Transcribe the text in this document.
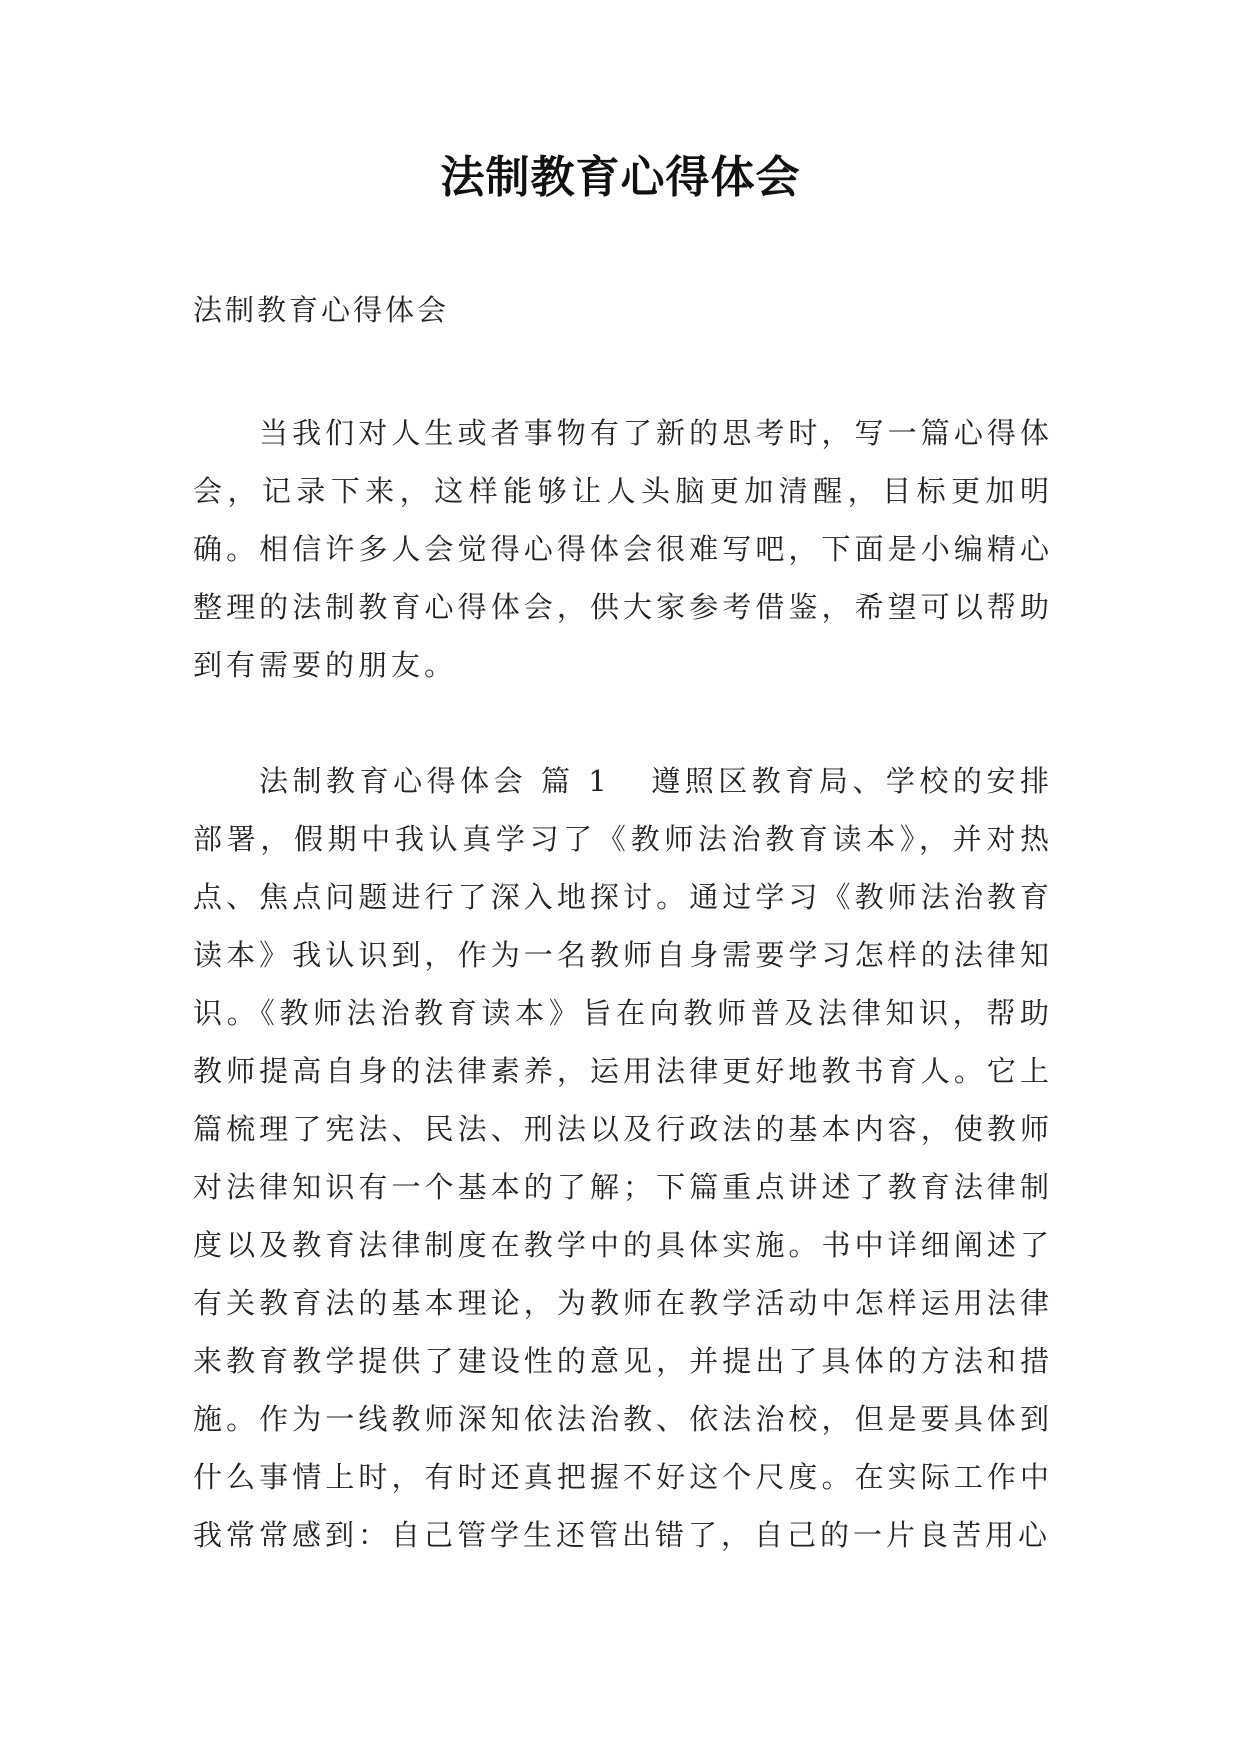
法制教育心得体会
法制教育心得体会

当我们对人生或者事物有了新的思考时，写一篇心得体会，记录下来，这样能够让人头脑更加清醒，目标更加明确。相信许多人会觉得心得体会很难写吧，下面是小编精心整理的法制教育心得体会，供大家参考借鉴，希望可以帮助到有需要的朋友。

法制教育心得体会 篇 1 遵照区教育局、学校的安排部署，假期中我认真学习了《教师法治教育读本》，并对热点、焦点问题进行了深入地探讨。通过学习《教师法治教育读本》我认识到，作为一名教师自身需要学习怎样的法律知识。《教师法治教育读本》旨在向教师普及法律知识，帮助教师提高自身的法律素养，运用法律更好地教书育人。它上篇梳理了宪法、民法、刑法以及行政法的基本内容，使教师对法律知识有一个基本的了解；下篇重点讲述了教育法律制度以及教育法律制度在教学中的具体实施。书中详细阐述了有关教育法的基本理论，为教师在教学活动中怎样运用法律来教育教学提供了建设性的意见，并提出了具体的方法和措施。作为一线教师深知依法治教、依法治校，但是要具体到什么事情上时，有时还真把握不好这个尺度。在实际工作中我常常感到：自己管学生还管出错了，自己的一片良苦用心
